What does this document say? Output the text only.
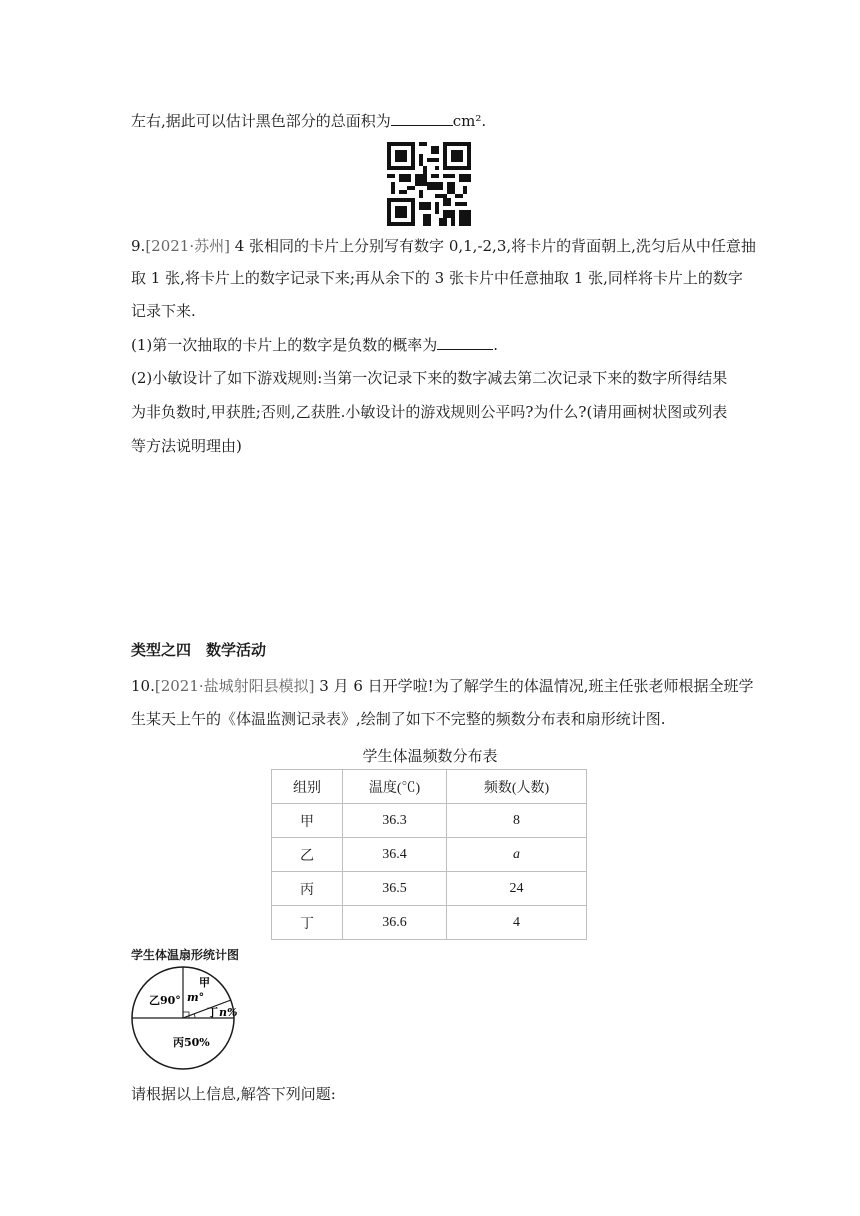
左右,据此可以估计黑色部分的总面积为	cm².
9.[2021·苏州] 4 张相同的卡片上分别写有数字 0,1,-2,3,将卡片的背面朝上,洗匀后从中任意抽
取 1 张,将卡片上的数字记录下来;再从余下的 3 张卡片中任意抽取 1 张,同样将卡片上的数字
记录下来.
(1)第一次抽取的卡片上的数字是负数的概率为	.
(2)小敏设计了如下游戏规则:当第一次记录下来的数字减去第二次记录下来的数字所得结果
为非负数时,甲获胜;否则,乙获胜.小敏设计的游戏规则公平吗?为什么?(请用画树状图或列表
等方法说明理由)
类型之四　数学活动
10.[2021·盐城射阳县模拟] 3 月 6 日开学啦!为了解学生的体温情况,班主任张老师根据全班学
生某天上午的《体温监测记录表》,绘制了如下不完整的频数分布表和扇形统计图.
学生体温频数分布表
组别	温度(℃)	频数(人数)
甲	36.3	8
乙	36.4	a
丙	36.5	24
丁	36.6	4
学生体温扇形统计图
甲
m°
乙90°
丁 n%
丙50%
请根据以上信息,解答下列问题:
